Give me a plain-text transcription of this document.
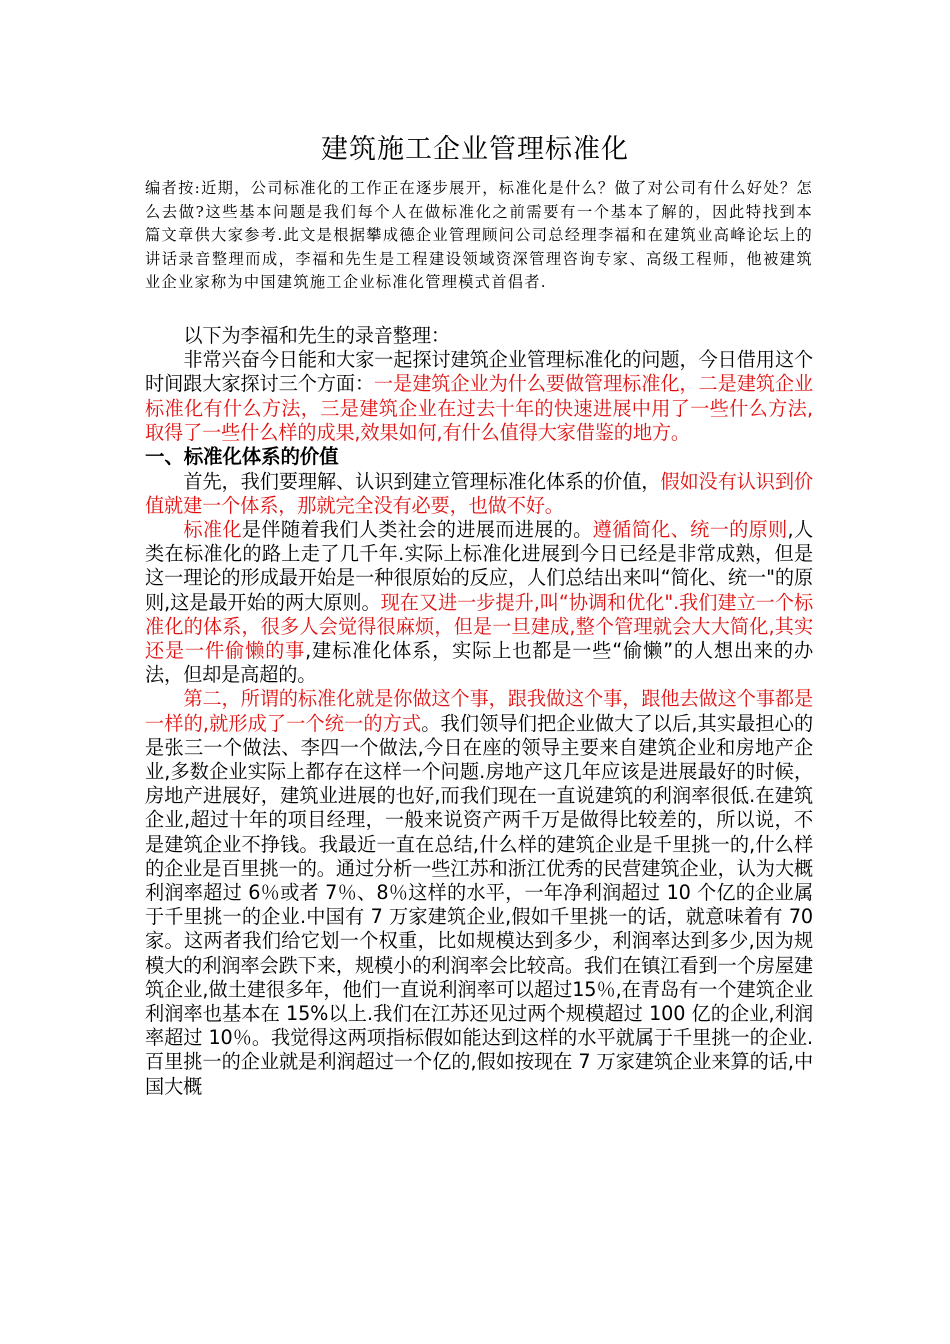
建筑施工企业管理标准化
编者按:近期，公司标准化的工作正在逐步展开，标准化是什么？做了对公司有什么好处？怎么去做?这些基本问题是我们每个人在做标准化之前需要有一个基本了解的，因此特找到本篇文章供大家参考.此文是根据攀成德企业管理顾问公司总经理李福和在建筑业高峰论坛上的讲话录音整理而成，李福和先生是工程建设领域资深管理咨询专家、高级工程师，他被建筑业企业家称为中国建筑施工企业标准化管理模式首倡者.

以下为李福和先生的录音整理：

非常兴奋今日能和大家一起探讨建筑企业管理标准化的问题，今日借用这个时间跟大家探讨三个方面：一是建筑企业为什么要做管理标准化，二是建筑企业标准化有什么方法，三是建筑企业在过去十年的快速进展中用了一些什么方法,取得了一些什么样的成果,效果如何,有什么值得大家借鉴的地方。

一、标准化体系的价值

首先，我们要理解、认识到建立管理标准化体系的价值，假如没有认识到价值就建一个体系，那就完全没有必要，也做不好。

标准化是伴随着我们人类社会的进展而进展的。遵循简化、统一的原则,人类在标准化的路上走了几千年.实际上标准化进展到今日已经是非常成熟，但是这一理论的形成最开始是一种很原始的反应，人们总结出来叫“简化、统一"的原则,这是最开始的两大原则。现在又进一步提升,叫“协调和优化".我们建立一个标准化的体系，很多人会觉得很麻烦，但是一旦建成,整个管理就会大大简化,其实还是一件偷懒的事,建标准化体系，实际上也都是一些“偷懒”的人想出来的办法，但却是高超的。

第二，所谓的标准化就是你做这个事，跟我做这个事，跟他去做这个事都是一样的,就形成了一个统一的方式。我们领导们把企业做大了以后,其实最担心的是张三一个做法、李四一个做法,今日在座的领导主要来自建筑企业和房地产企业,多数企业实际上都存在这样一个问题.房地产这几年应该是进展最好的时候，房地产进展好，建筑业进展的也好,而我们现在一直说建筑的利润率很低.在建筑企业,超过十年的项目经理，一般来说资产两千万是做得比较差的，所以说，不是建筑企业不挣钱。我最近一直在总结,什么样的建筑企业是千里挑一的,什么样的企业是百里挑一的。通过分析一些江苏和浙江优秀的民营建筑企业，认为大概利润率超过 6％或者 7％、8％这样的水平，一年净利润超过 10 个亿的企业属于千里挑一的企业.中国有 7 万家建筑企业,假如千里挑一的话，就意味着有 70 家。这两者我们给它划一个权重，比如规模达到多少，利润率达到多少,因为规模大的利润率会跌下来，规模小的利润率会比较高。我们在镇江看到一个房屋建筑企业,做土建很多年，他们一直说利润率可以超过15％,在青岛有一个建筑企业利润率也基本在 15%以上.我们在江苏还见过两个规模超过 100 亿的企业,利润率超过 10％。我觉得这两项指标假如能达到这样的水平就属于千里挑一的企业.百里挑一的企业就是利润超过一个亿的,假如按现在 7 万家建筑企业来算的话,中国大概
